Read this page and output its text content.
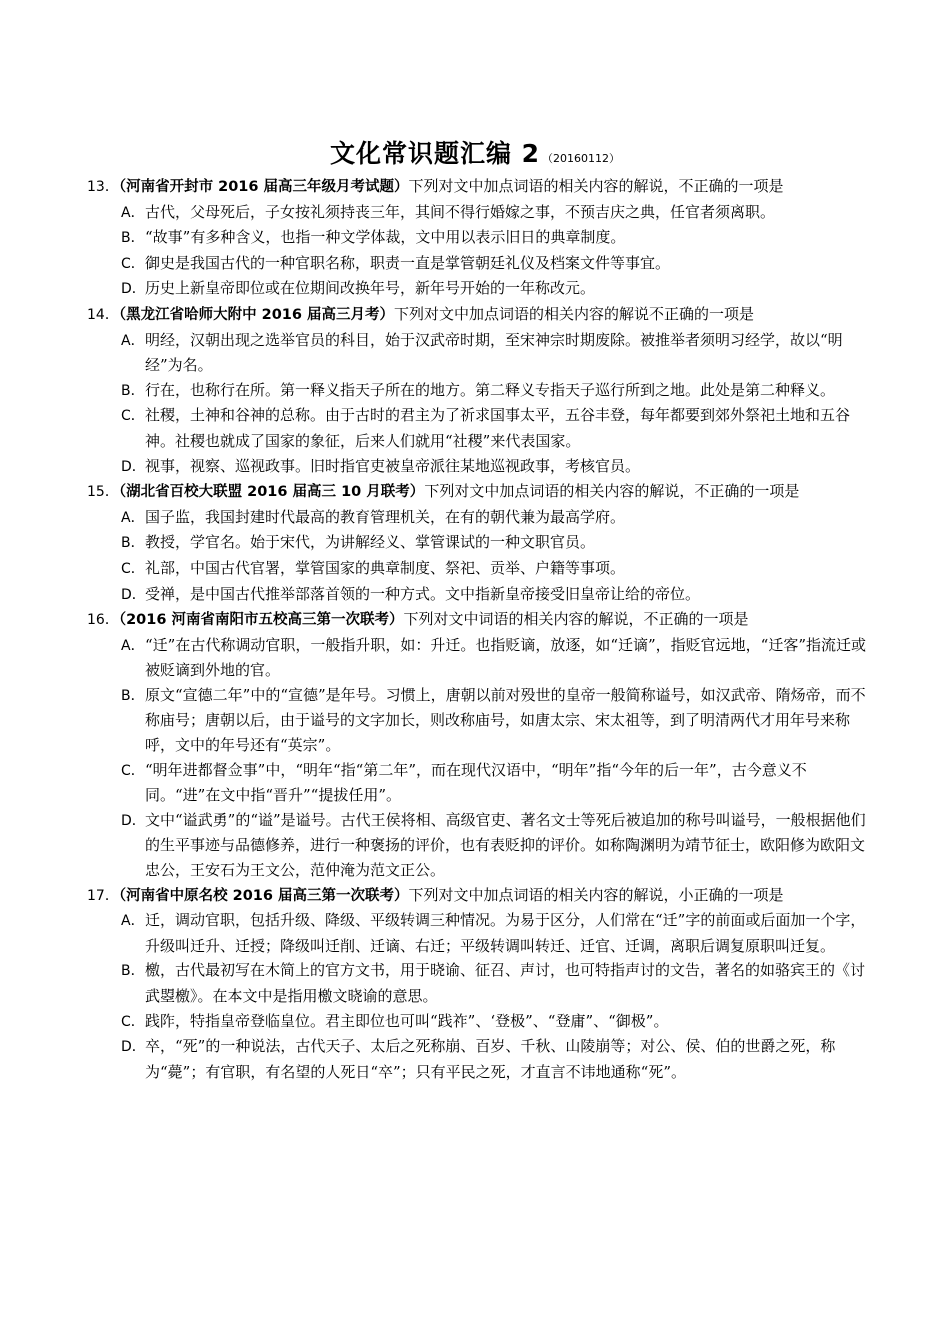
文化常识题汇编 2 （20160112）
13．（河南省开封市 2016 届高三年级月考试题）下列对文中加点词语的相关内容的解说，不正确的一项是
A．古代，父母死后，子女按礼须持丧三年，其间不得行婚嫁之事，不预吉庆之典，任官者须离职。
B．“故事”有多种含义，也指一种文学体裁，文中用以表示旧日的典章制度。
C．御史是我国古代的一种官职名称，职责一直是掌管朝廷礼仪及档案文件等事宜。
D．历史上新皇帝即位或在位期间改换年号，新年号开始的一年称改元。
14．（黑龙江省哈师大附中 2016 届高三月考）下列对文中加点词语的相关内容的解说不正确的一项是
A．明经，汉朝出现之选举官员的科目，始于汉武帝时期，至宋神宗时期废除。被推举者须明习经学，故以“明经”为名。
B．行在，也称行在所。第一释义指天子所在的地方。第二释义专指天子巡行所到之地。此处是第二种释义。
C．社稷，土神和谷神的总称。由于古时的君主为了祈求国事太平，五谷丰登，每年都要到郊外祭祀土地和五谷神。社稷也就成了国家的象征，后来人们就用“社稷”来代表国家。
D．视事，视察、巡视政事。旧时指官吏被皇帝派往某地巡视政事，考核官员。
15．（湖北省百校大联盟 2016 届高三 10 月联考）下列对文中加点词语的相关内容的解说，不正确的一项是
A．国子监，我国封建时代最高的教育管理机关，在有的朝代兼为最高学府。
B．教授，学官名。始于宋代，为讲解经义、掌管课试的一种文职官员。
C．礼部，中国古代官署，掌管国家的典章制度、祭祀、贡举、户籍等事项。
D．受禅，是中国古代推举部落首领的一种方式。文中指新皇帝接受旧皇帝让给的帝位。
16．（2016 河南省南阳市五校高三第一次联考）下列对文中词语的相关内容的解说，不正确的一项是
A．“迁”在古代称调动官职，一般指升职，如：升迁。也指贬谪，放逐，如“迁谪”，指贬官远地，“迁客”指流迁或被贬谪到外地的官。
B．原文“宣德二年”中的“宣德”是年号。习惯上，唐朝以前对殁世的皇帝一般简称谥号，如汉武帝、隋炀帝，而不称庙号；唐朝以后，由于谥号的文字加长，则改称庙号，如唐太宗、宋太祖等，到了明清两代才用年号来称呼，文中的年号还有“英宗”。
C．“明年进都督佥事”中，“明年“指“第二年”，而在现代汉语中，“明年”指“今年的后一年”，古今意义不同。“进”在文中指“晋升”“提拔任用”。
D．文中“谥武勇”的“谥”是谥号。古代王侯将相、高级官吏、著名文士等死后被追加的称号叫谥号，一般根据他们的生平事迹与品德修养，进行一种褒扬的评价，也有表贬抑的评价。如称陶渊明为靖节征士，欧阳修为欧阳文忠公，王安石为王文公，范仲淹为范文正公。
17．（河南省中原名校 2016 届高三第一次联考）下列对文中加点词语的相关内容的解说，小正确的一项是
A．迁，调动官职，包括升级、降级、平级转调三种情况。为易于区分，人们常在“迁”字的前面或后面加一个字，升级叫迁升、迁授；降级叫迁削、迁谪、右迁；平级转调叫转迁、迁官、迁调，离职后调复原职叫迁复。
B．檄，古代最初写在木简上的官方文书，用于晓谕、征召、声讨，也可特指声讨的文告，著名的如骆宾王的《讨武曌檄》。在本文中是指用檄文晓谕的意思。
C．践阼，特指皇帝登临皇位。君主即位也可叫“践祚”、‘登极”、“登庸”、“御极”。
D．卒，“死”的一种说法，古代天子、太后之死称崩、百岁、千秋、山陵崩等；对公、侯、伯的世爵之死，称为“薨”；有官职，有名望的人死日“卒”；只有平民之死，才直言不讳地通称“死”。
